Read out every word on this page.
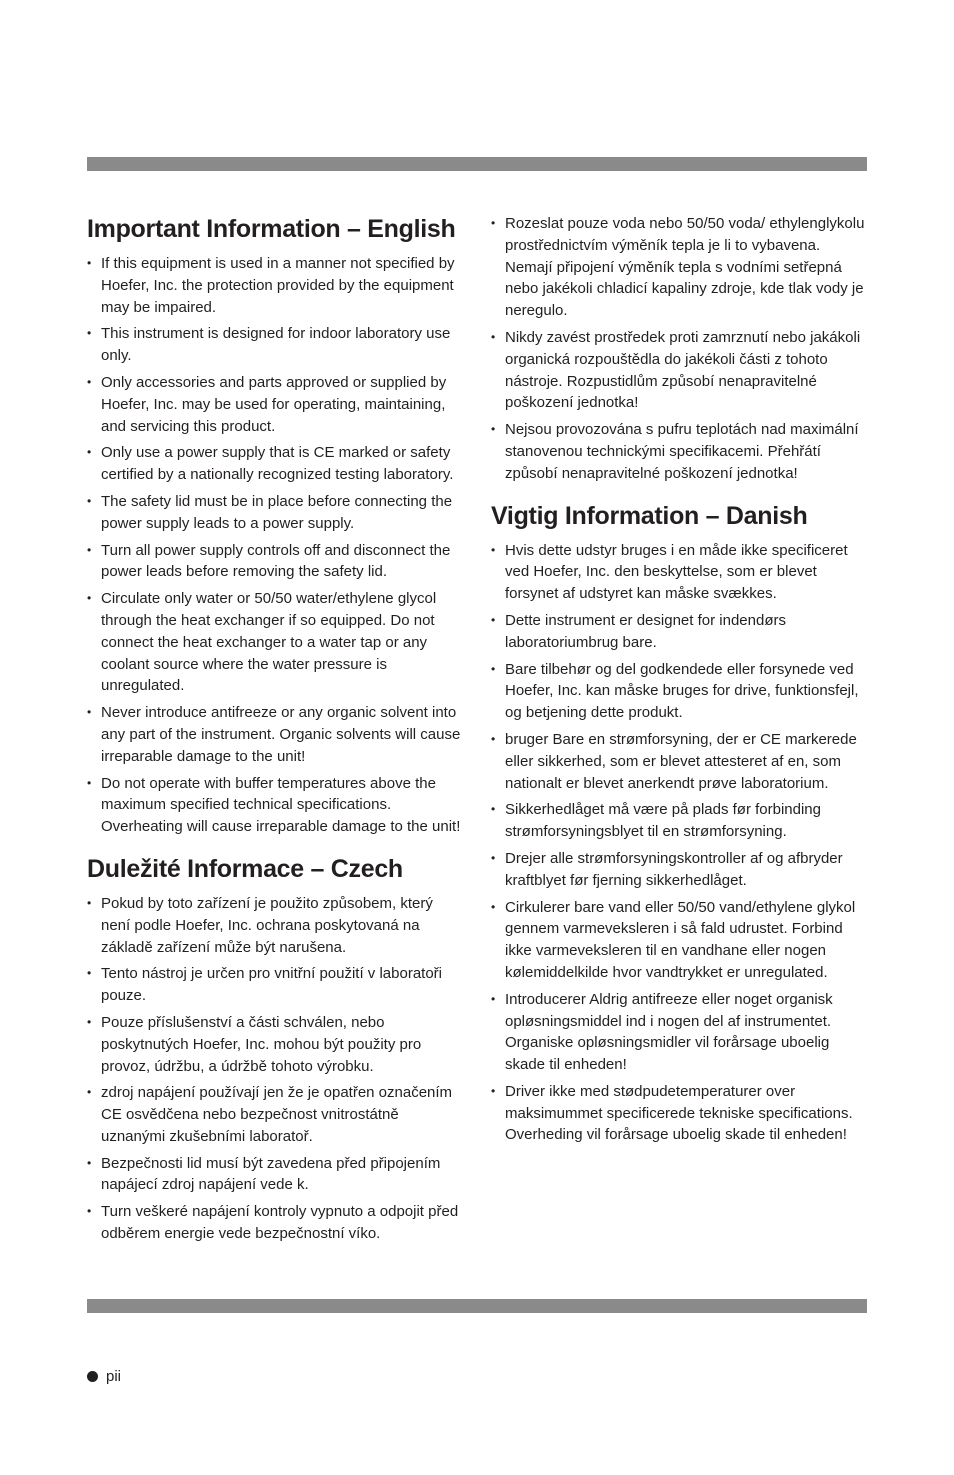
Important Information – English
• If this equipment is used in a manner not specified by Hoefer, Inc. the protection provided by the equipment may be impaired.
• This instrument is designed for indoor laboratory use only.
• Only accessories and parts approved or supplied by Hoefer, Inc. may be used for operating, maintaining, and servicing this product.
• Only use a power supply that is CE marked or safety certified by a nationally recognized testing laboratory.
• The safety lid must be in place before connecting the power supply leads to a power supply.
• Turn all power supply controls off and disconnect the power leads before removing the safety lid.
• Circulate only water or 50/50 water/ethylene glycol through the heat exchanger if so equipped. Do not connect the heat exchanger to a water tap or any coolant source where the water pressure is unregulated.
• Never introduce antifreeze or any organic solvent into any part of the instrument. Organic solvents will cause irreparable damage to the unit!
• Do not operate with buffer temperatures above the maximum specified technical specifications. Overheating will cause irreparable damage to the unit!
Duležité Informace – Czech
• Pokud by toto zařízení je použito způsobem, který není podle Hoefer, Inc. ochrana poskytovaná na základě zařízení může být narušena.
• Tento nástroj je určen pro vnitřní použití v laboratoři pouze.
• Pouze příslušenství a části schválen, nebo poskytnutých Hoefer, Inc. mohou být použity pro provoz, údržbu, a údržbě tohoto výrobku.
• zdroj napájení používají jen že je opatřen označením CE osvědčena nebo bezpečnost vnitrostátně uznanými zkušebními laboratoř.
• Bezpečnosti lid musí být zavedena před připojením napájecí zdroj napájení vede k.
• Turn veškeré napájení kontroly vypnuto a odpojit před odběrem energie vede bezpečnostní víko.
• Rozeslat pouze voda nebo 50/50 voda/ ethylenglykolu prostřednictvím výměník tepla je li to vybavena. Nemají připojení výměník tepla s vodními setřepná nebo jakékoli chladicí kapaliny zdroje, kde tlak vody je neregulo.
• Nikdy zavést prostředek proti zamrznutí nebo jakákoli organická rozpouštědla do jakékoli části z tohoto nástroje. Rozpustidlům způsobí nenapravitelné poškození jednotka!
• Nejsou provozována s pufru teplotách nad maximální stanovenou technickými specifikacemi. Přehřátí způsobí nenapravitelné poškození jednotka!
Vigtig Information – Danish
• Hvis dette udstyr bruges i en måde ikke specificeret ved Hoefer, Inc. den beskyttelse, som er blevet forsynet af udstyret kan måske svækkes.
• Dette instrument er designet for indendørs laboratoriumbrug bare.
• Bare tilbehør og del godkendede eller forsynede ved Hoefer, Inc. kan måske bruges for drive, funktionsfejl, og betjening dette produkt.
• bruger Bare en strømforsyning, der er CE markerede eller sikkerhed, som er blevet attesteret af en, som nationalt er blevet anerkendt prøve laboratorium.
• Sikkerhedlåget må være på plads før forbinding strømforsyningsblyet til en strømforsyning.
• Drejer alle strømforsyningskontroller af og afbryder kraftblyet før fjerning sikkerhedlåget.
• Cirkulerer bare vand eller 50/50 vand/ethylene glykol gennem varmeveksleren i så fald udrustet. Forbind ikke varmeveksleren til en vandhane eller nogen kølemiddelkilde hvor vandtrykket er unregulated.
• Introducerer Aldrig antifreeze eller noget organisk opløsningsmiddel ind i nogen del af instrumentet. Organiske opløsningsmidler vil forårsage uboelig skade til enheden!
• Driver ikke med stødpudetemperaturer over maksimummet specificerede tekniske specifications. Overheding vil forårsage uboelig skade til enheden!
pii
